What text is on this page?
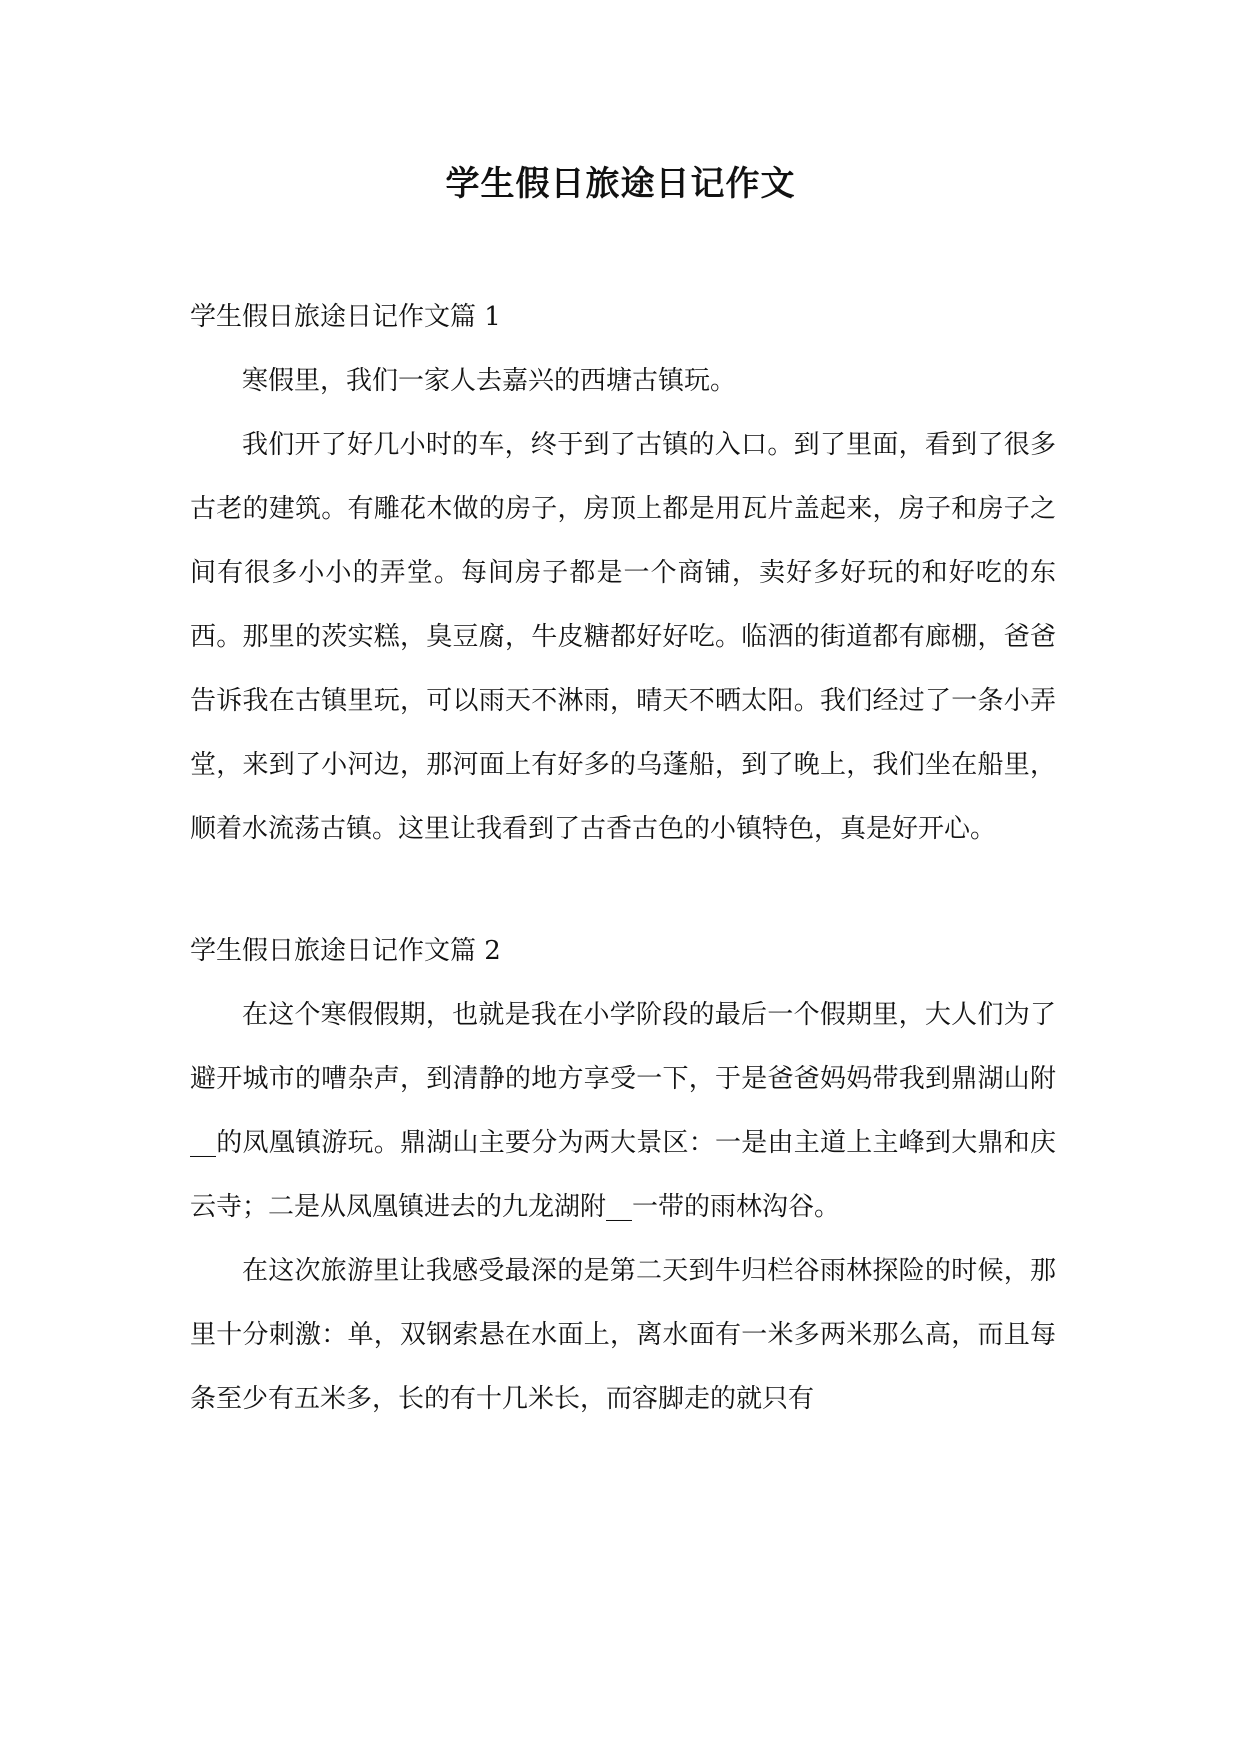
学生假日旅途日记作文

学生假日旅途日记作文篇 1

寒假里，我们一家人去嘉兴的西塘古镇玩。

我们开了好几小时的车，终于到了古镇的入口。到了里面，看到了很多古老的建筑。有雕花木做的房子，房顶上都是用瓦片盖起来，房子和房子之间有很多小小的弄堂。每间房子都是一个商铺，卖好多好玩的和好吃的东西。那里的茨实糕，臭豆腐，牛皮糖都好好吃。临洒的街道都有廊棚，爸爸告诉我在古镇里玩，可以雨天不淋雨，晴天不晒太阳。我们经过了一条小弄堂，来到了小河边，那河面上有好多的乌蓬船，到了晚上，我们坐在船里，顺着水流荡古镇。这里让我看到了古香古色的小镇特色，真是好开心。

学生假日旅途日记作文篇 2

在这个寒假假期，也就是我在小学阶段的最后一个假期里，大人们为了避开城市的嘈杂声，到清静的地方享受一下，于是爸爸妈妈带我到鼎湖山附__的凤凰镇游玩。鼎湖山主要分为两大景区：一是由主道上主峰到大鼎和庆云寺；二是从凤凰镇进去的九龙湖附__一带的雨林沟谷。

在这次旅游里让我感受最深的是第二天到牛归栏谷雨林探险的时候，那里十分刺激：单，双钢索悬在水面上，离水面有一米多两米那么高，而且每条至少有五米多，长的有十几米长，而容脚走的就只有
